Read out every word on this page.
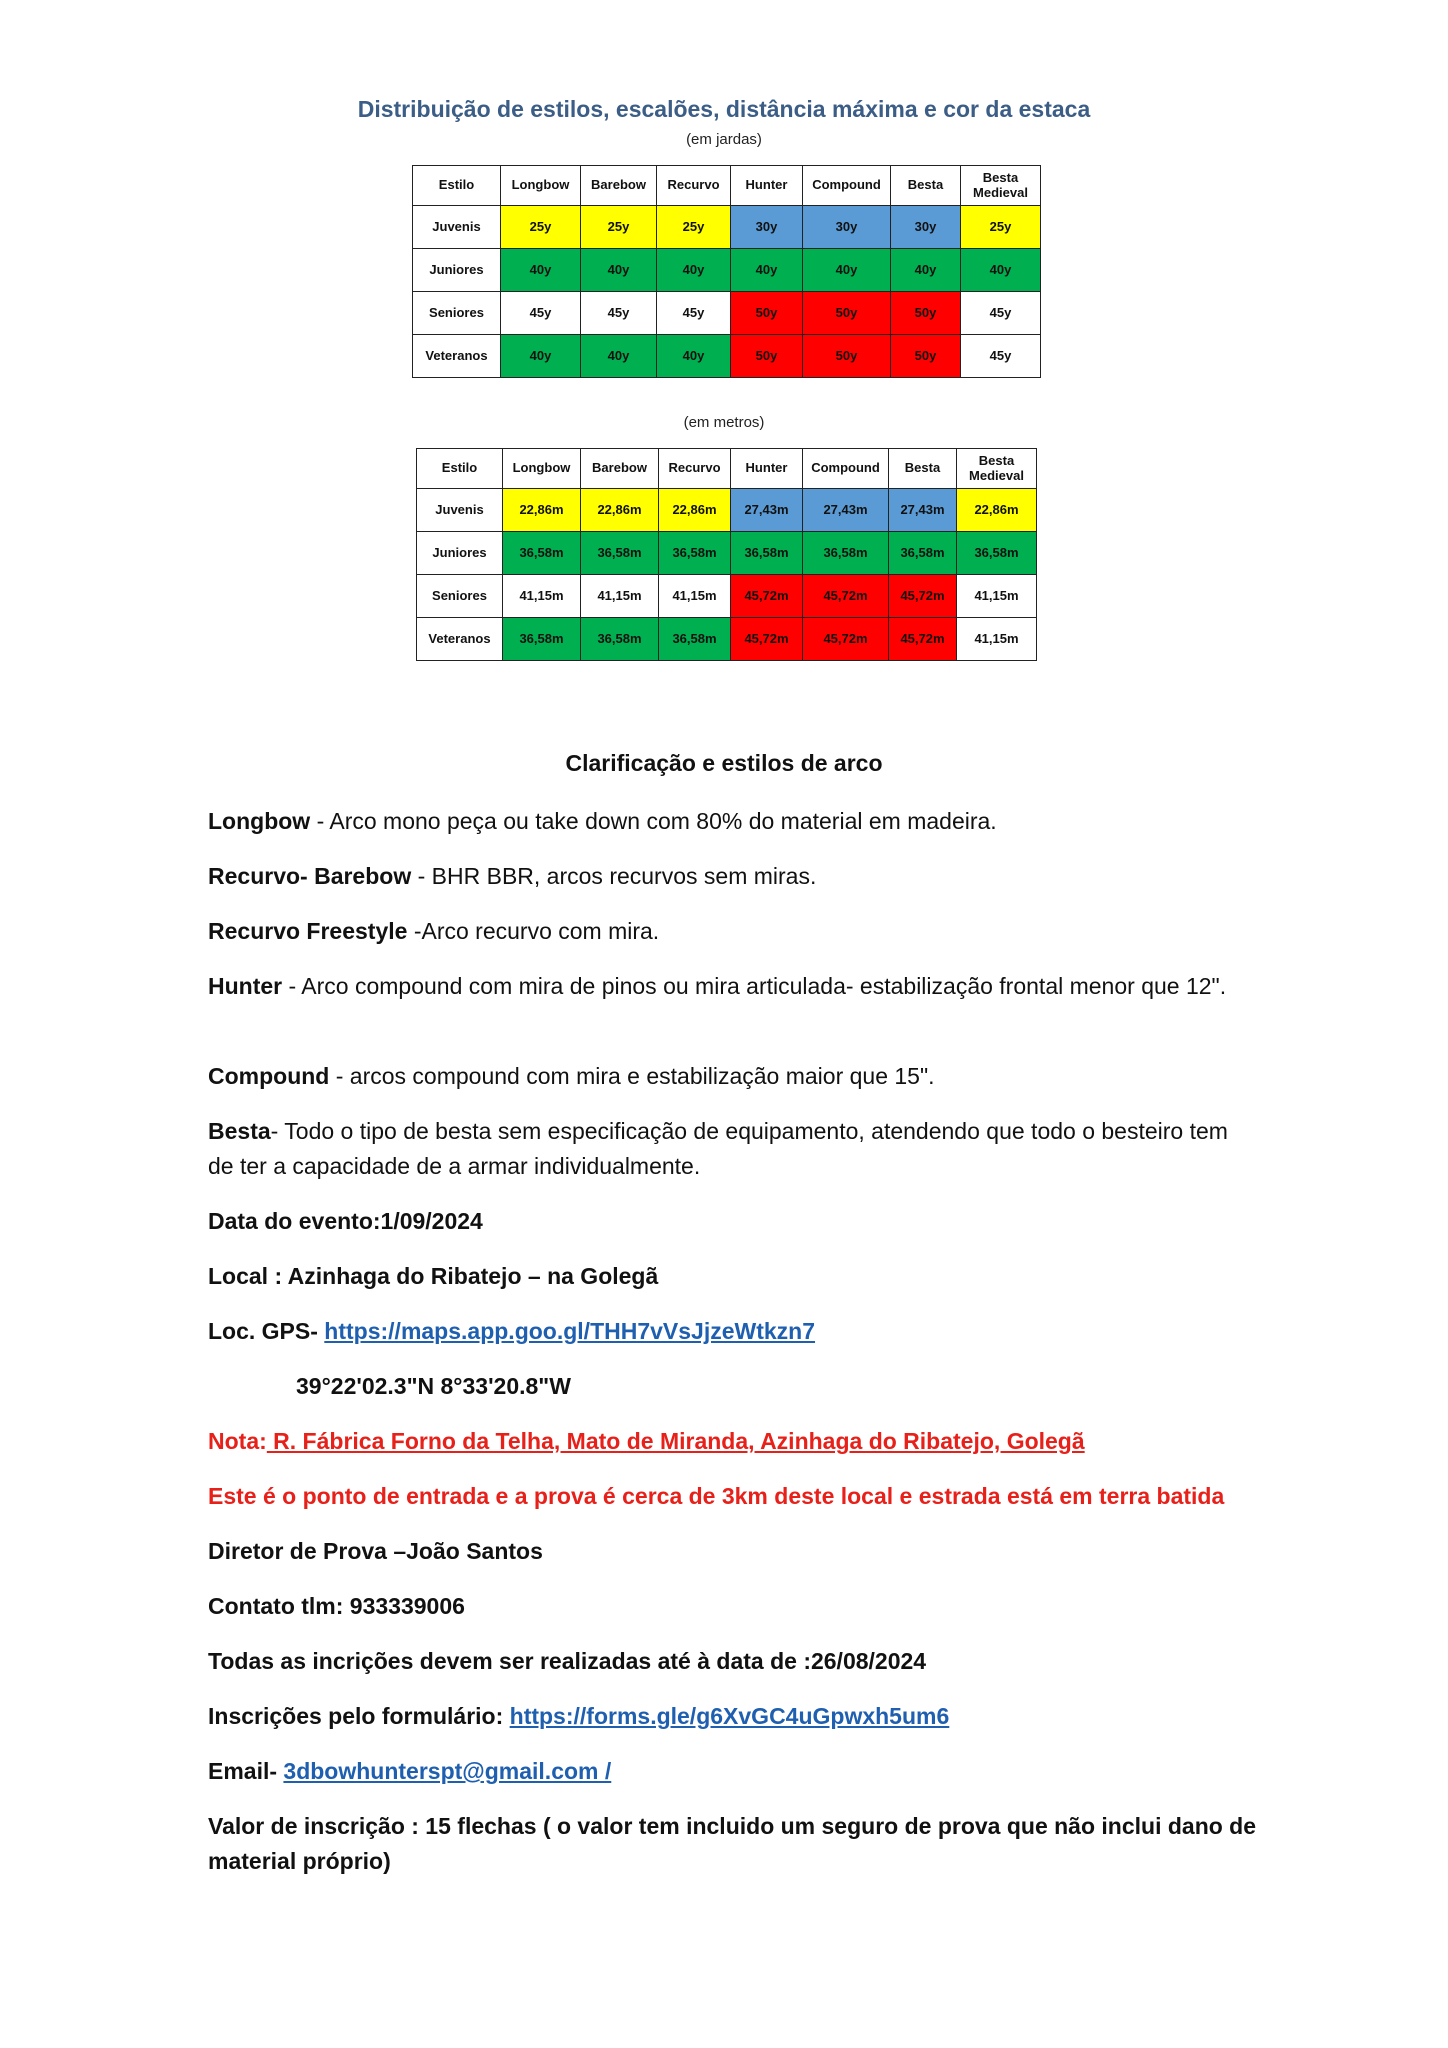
Distribuição de estilos, escalões, distância máxima e cor da estaca
(em jardas)
Estilo	Longbow	Barebow	Recurvo	Hunter	Compound	Besta	Besta Medieval
Juvenis	25y	25y	25y	30y	30y	30y	25y
Juniores	40y	40y	40y	40y	40y	40y	40y
Seniores	45y	45y	45y	50y	50y	50y	45y
Veteranos	40y	40y	40y	50y	50y	50y	45y
(em metros)
Estilo	Longbow	Barebow	Recurvo	Hunter	Compound	Besta	Besta Medieval
Juvenis	22,86m	22,86m	22,86m	27,43m	27,43m	27,43m	22,86m
Juniores	36,58m	36,58m	36,58m	36,58m	36,58m	36,58m	36,58m
Seniores	41,15m	41,15m	41,15m	45,72m	45,72m	45,72m	41,15m
Veteranos	36,58m	36,58m	36,58m	45,72m	45,72m	45,72m	41,15m
Clarificação e estilos de arco
Longbow - Arco mono peça ou take down com 80% do material em madeira.
Recurvo- Barebow - BHR BBR, arcos recurvos sem miras.
Recurvo Freestyle -Arco recurvo com mira.
Hunter - Arco compound com mira de pinos ou mira articulada- estabilização frontal menor que 12".
Compound - arcos compound com mira e estabilização maior que 15".
Besta- Todo o tipo de besta sem especificação de equipamento, atendendo que todo o besteiro tem de ter a capacidade de a armar individualmente.
Data do evento:1/09/2024
Local : Azinhaga do Ribatejo – na Golegã
Loc. GPS- https://maps.app.goo.gl/THH7vVsJjzeWtkzn7
39°22'02.3"N 8°33'20.8"W
Nota: R. Fábrica Forno da Telha, Mato de Miranda, Azinhaga do Ribatejo, Golegã
Este é o ponto de entrada e a prova é cerca de 3km deste local e estrada está em terra batida
Diretor de Prova –João Santos
Contato tlm: 933339006
Todas as incrições devem ser realizadas até à data de :26/08/2024
Inscrições pelo formulário: https://forms.gle/g6XvGC4uGpwxh5um6
Email- 3dbowhunterspt@gmail.com /
Valor de inscrição : 15 flechas ( o valor tem incluido um seguro de prova que não inclui dano de material próprio)
